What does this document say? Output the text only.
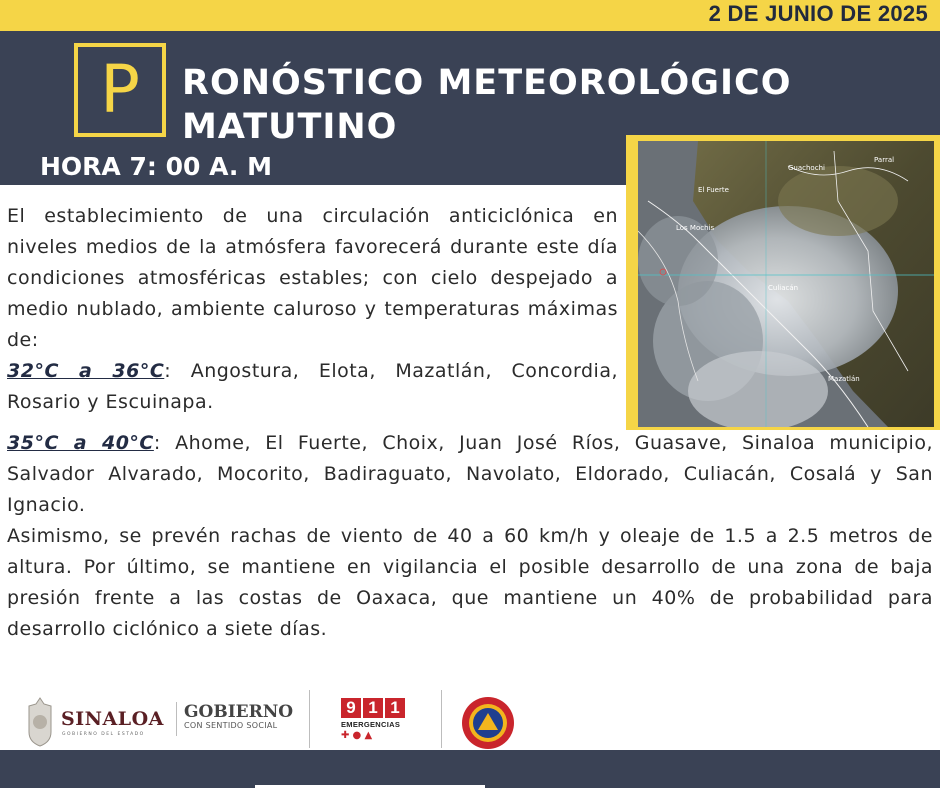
2 DE JUNIO DE 2025
P	RONÓSTICO METEOROLÓGICO
MATUTINO
HORA 7: 00 A. M	Guachochi
Parral
El Fuerte
Los Mochis
Culiacán
Mazatlán
El establecimiento de una circulación anticiclónica en niveles medios de la atmósfera favorecerá durante este día condiciones atmosféricas estables; con cielo despejado a medio nublado, ambiente caluroso y temperaturas máximas de:
32°C a 36°C: Angostura, Elota, Mazatlán, Concordia, Rosario y Escuinapa.
35°C a 40°C: Ahome, El Fuerte, Choix, Juan José Ríos, Guasave, Sinaloa municipio, Salvador Alvarado, Mocorito, Badiraguato, Navolato, Eldorado, Culiacán, Cosalá y San Ignacio.
Asimismo, se prevén rachas de viento de 40 a 60 km/h y oleaje de 1.5 a 2.5 metros de altura. Por último, se mantiene en vigilancia el posible desarrollo de una zona de baja presión frente a las costas de Oaxaca, que mantiene un 40% de probabilidad para desarrollo ciclónico a siete días.
SINALOA
GOBIERNO DEL ESTADO
GOBIERNO
CON SENTIDO SOCIAL
9 1 1
EMERGENCIAS
✚ ● ▲
